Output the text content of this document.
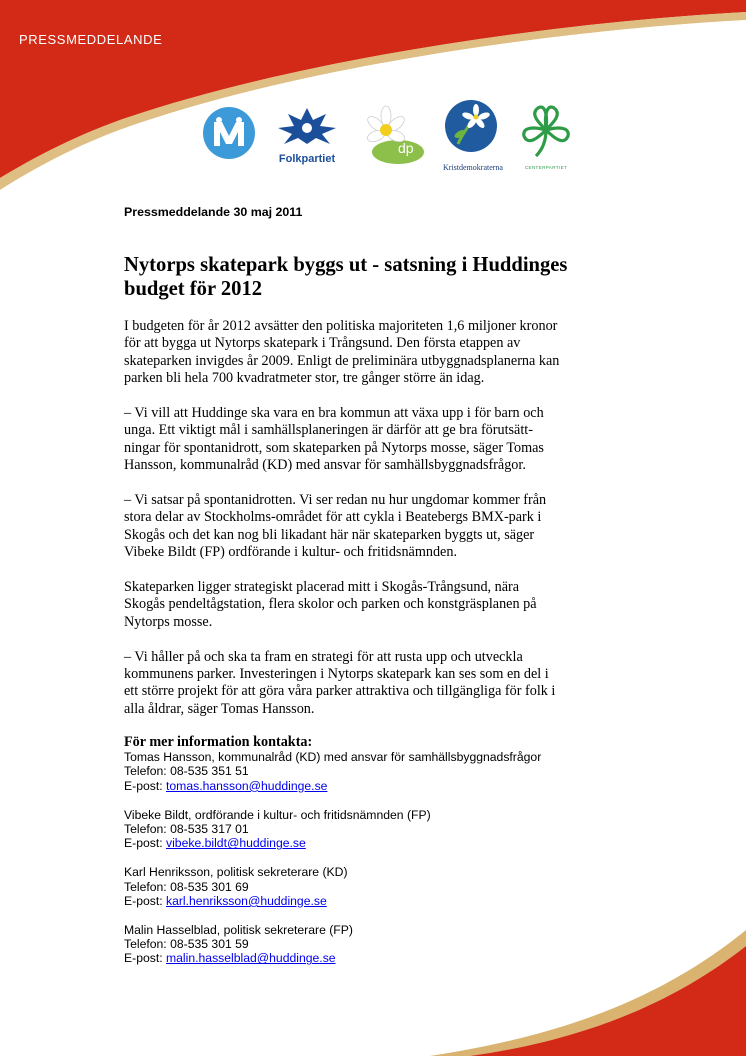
PRESSMEDDELANDE
Folkpartiet
dp
Kristdemokraterna	CENTERPARTIET
Pressmeddelande 30 maj 2011
Nytorps skatepark byggs ut - satsning i Huddinges budget för 2012

I budgeten för år 2012 avsätter den politiska majoriteten 1,6 miljoner kronor
för att bygga ut Nytorps skatepark i Trångsund. Den första etappen av
skateparken invigdes år 2009. Enligt de preliminära utbyggnadsplanerna kan
parken bli hela 700 kvadratmeter stor, tre gånger större än idag.

– Vi vill att Huddinge ska vara en bra kommun att växa upp i för barn och
unga. Ett viktigt mål i samhällsplaneringen är därför att ge bra förutsätt-
ningar för spontanidrott, som skateparken på Nytorps mosse, säger Tomas
Hansson, kommunalråd (KD) med ansvar för samhällsbyggnadsfrågor.

– Vi satsar på spontanidrotten. Vi ser redan nu hur ungdomar kommer från
stora delar av Stockholms-området för att cykla i Beatebergs BMX-park i
Skogås och det kan nog bli likadant här när skateparken byggts ut, säger
Vibeke Bildt (FP) ordförande i kultur- och fritidsnämnden.

Skateparken ligger strategiskt placerad mitt i Skogås-Trångsund, nära
Skogås pendeltågstation, flera skolor och parken och konstgräsplanen på
Nytorps mosse.

– Vi håller på och ska ta fram en strategi för att rusta upp och utveckla
kommunens parker. Investeringen i Nytorps skatepark kan ses som en del i
ett större projekt för att göra våra parker attraktiva och tillgängliga för folk i
alla åldrar, säger Tomas Hansson.

För mer information kontakta:
Tomas Hansson, kommunalråd (KD) med ansvar för samhällsbyggnadsfrågor
Telefon: 08-535 351 51
E-post: tomas.hansson@huddinge.se
Vibeke Bildt, ordförande i kultur- och fritidsnämnden (FP)
Telefon: 08-535 317 01
E-post: vibeke.bildt@huddinge.se
Karl Henriksson, politisk sekreterare (KD)
Telefon: 08-535 301 69
E-post: karl.henriksson@huddinge.se
Malin Hasselblad, politisk sekreterare (FP)
Telefon: 08-535 301 59
E-post: malin.hasselblad@huddinge.se
